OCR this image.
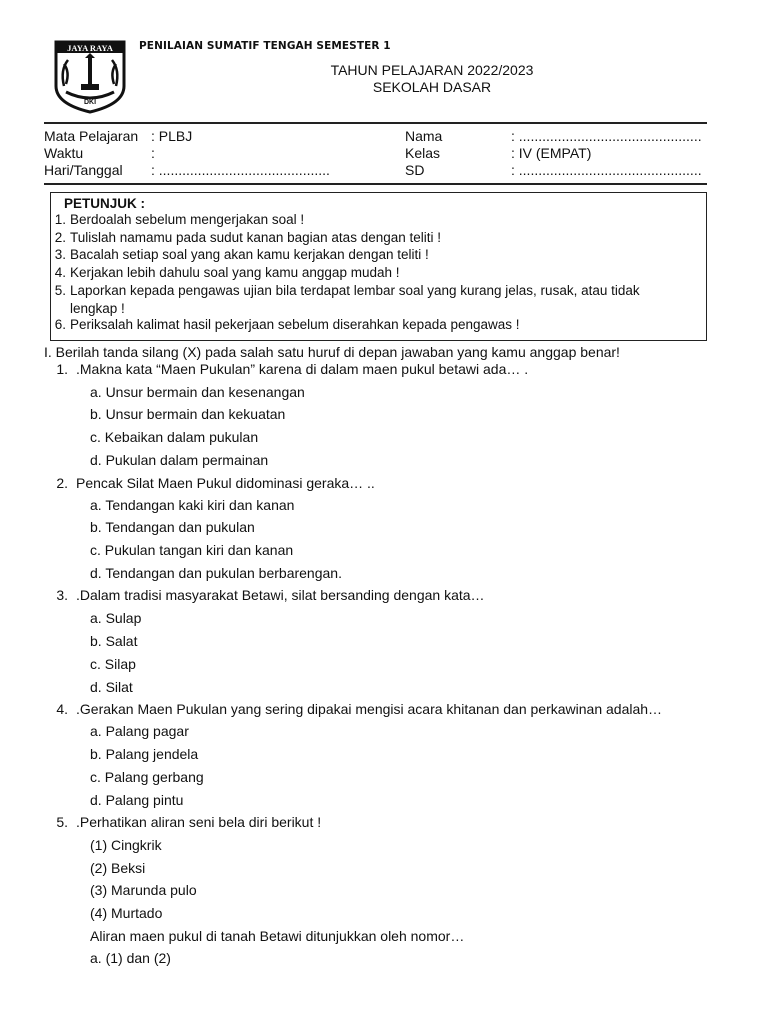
JAYA RAYA
DKI
PENILAIAN SUMATIF TENGAH SEMESTER 1
TAHUN PELAJARAN 2022/2023
SEKOLAH DASAR
Mata Pelajaran : PLBJ
Waktu	:
Hari/Tanggal : ............................................
Nama	: ...............................................
Kelas	: IV (EMPAT)
SD	: ...............................................
PETUNJUK :
1. Berdoalah sebelum mengerjakan soal !
2. Tulislah namamu pada sudut kanan bagian atas dengan teliti !
3. Bacalah setiap soal yang akan kamu kerjakan dengan teliti !
4. Kerjakan lebih dahulu soal yang kamu anggap mudah !
5. Laporkan kepada pengawas ujian bila terdapat lembar soal yang kurang jelas, rusak, atau tidak lengkap !
6. Periksalah kalimat hasil pekerjaan sebelum diserahkan kepada pengawas !
I. Berilah tanda silang (X) pada salah satu huruf di depan jawaban yang kamu anggap benar!
1. .Makna kata “Maen Pukulan” karena di dalam maen pukul betawi ada… .
a. Unsur bermain dan kesenangan
b. Unsur bermain dan kekuatan
c. Kebaikan dalam pukulan
d. Pukulan dalam permainan
2. Pencak Silat Maen Pukul didominasi geraka… ..
a. Tendangan kaki kiri dan kanan
b. Tendangan dan pukulan
c. Pukulan tangan kiri dan kanan
d. Tendangan dan pukulan berbarengan.
3. .Dalam tradisi masyarakat Betawi, silat bersanding dengan kata…
a. Sulap
b. Salat
c. Silap
d. Silat
4. .Gerakan Maen Pukulan yang sering dipakai mengisi acara khitanan dan perkawinan adalah…
a. Palang pagar
b. Palang jendela
c. Palang gerbang
d. Palang pintu
5. .Perhatikan aliran seni bela diri berikut !
(1) Cingkrik
(2) Beksi
(3) Marunda pulo
(4) Murtado
Aliran maen pukul di tanah Betawi ditunjukkan oleh nomor…
a. (1) dan (2)
